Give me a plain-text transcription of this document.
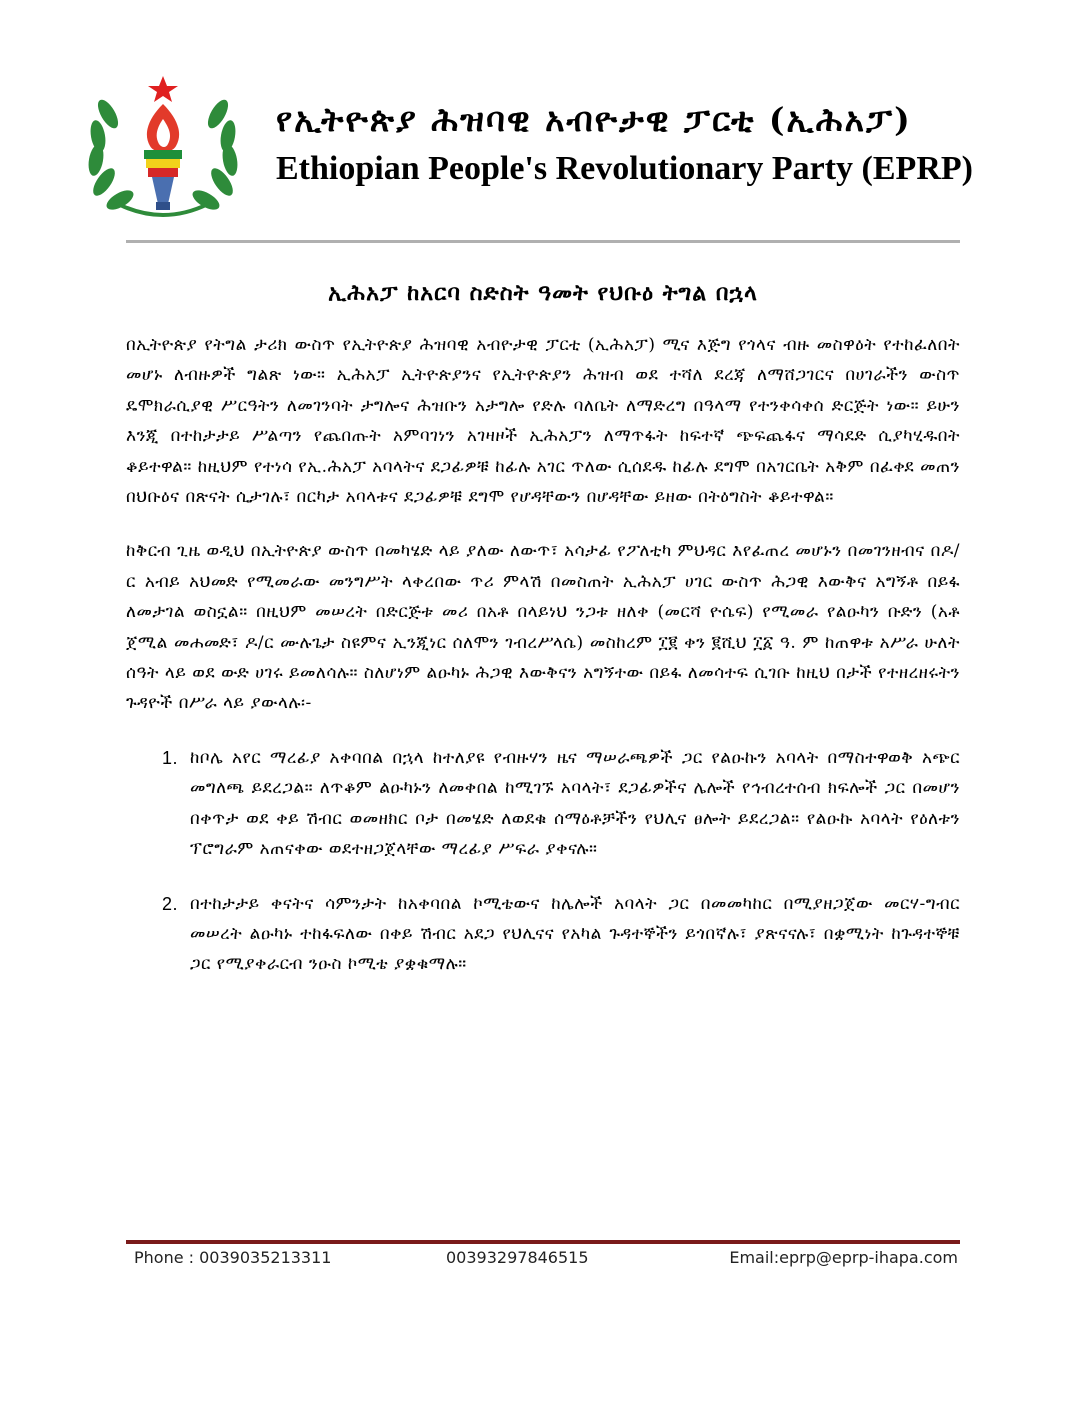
የኢትዮጵያ ሕዝባዊ አብዮታዊ ፓርቲ (ኢሕአፓ)
Ethiopian People's Revolutionary Party (EPRP)
ኢሕአፓ ከአርባ ስድስት ዓመት የህቡዕ ትግል በኋላ

በኢትዮጵያ የትግል ታሪክ ውስጥ የኢትዮጵያ ሕዝባዊ አብዮታዊ ፓርቲ (ኢሕአፓ) ሚና እጅግ የጎላና ብዙ መስዋዕት የተከፈለበት መሆኑ ለብዙዎች ግልጽ ነው። ኢሕአፓ ኢትዮጵያንና የኢትዮጵያን ሕዝብ ወደ ተሻለ ደረጃ ለማሸጋገርና በሀገራችን ውስጥ ዴሞክራሲያዊ ሥርዓትን ለመገንባት ታግሎና ሕዝቡን አታግሎ የድሉ ባለቤት ለማድረግ በዓላማ የተንቀሳቀሰ ድርጅት ነው። ይሁን እንጂ በተከታታይ ሥልጣን የጨበጡት አምባገነን አገዛዞች ኢሕአፓን ለማጥፋት ከፍተኛ ጭፍጨፋና ማሳደድ ሲያካሂዱበት ቆይተዋል። ከዚህም የተነሳ የኢ.ሕአፓ አባላትና ደጋፊዎቹ ከፊሉ አገር ጥለው ሲሰደዱ ከፊሉ ደግሞ በአገርቤት አቅም በፈቀደ መጠን በህቡዕና በጽናት ሲታገሉ፣ በርካታ አባላቱና ደጋፊዎቹ ደግሞ የሆዳቸውን በሆዳቸው ይዘው በትዕግስት ቆይተዋል።

ከቅርብ ጊዜ ወዲህ በኢትዮጵያ ውስጥ በመካሄድ ላይ ያለው ለውጥ፣ አሳታፊ የፖለቲካ ምህዳር እየፈጠረ መሆኑን በመገንዘብና በዶ/ር አብይ አህመድ የሚመራው መንግሥት ላቀረበው ጥሪ ምላሽ በመስጠት ኢሕአፓ ሀገር ውስጥ ሕጋዊ እውቅና አግኝቶ በይፋ ለመታገል ወስኗል። በዚህም መሠረት በድርጅቱ መሪ በአቶ በላይነህ ንጋቱ ዘለቀ (መርሻ ዮሴፍ) የሚመራ የልዑካን ቡድን (አቶ ጀሚል መሐመድ፣ ዶ/ር ሙሉጌታ ስዩምና ኢንጂነር ሰለሞን ገብረሥላሴ) መስከረም ፲፪ ቀን ፪ሺህ ፲፩ ዓ. ም ከጠዋቱ አሥራ ሁለት ሰዓት ላይ ወደ ውድ ሀገሩ ይመለሳሉ። ስለሆነም ልዑካኑ ሕጋዊ እውቅናን አግኝተው በይፋ ለመሳተፍ ሲገቡ ከዚህ በታች የተዘረዘሩትን ጉዳዮች በሥራ ላይ ያውላሉ፡-

1. ከቦሌ አየር ማረፊያ አቀባበል በኋላ ከተለያዩ የብዙሃን ዜና ማሠራጫዎች ጋር የልዑኩን አባላት በማስተዋወቅ አጭር መግለጫ ይደረጋል። ለጥቆም ልዑካኑን ለመቀበል ከሚገኙ አባላት፣ ደጋፊዎችና ሌሎች የኅብረተሰብ ክፍሎች ጋር በመሆን በቀጥታ ወደ ቀይ ሽብር ወመዘክር ቦታ በመሄድ ለወደቁ ሰማዕቶቻችን የህሊና ፀሎት ይደረጋል። የልዑኩ አባላት የዕለቱን ፕሮግራም አጠናቀው ወደተዘጋጀላቸው ማረፊያ ሥፍራ ያቀናሉ።
2. በተከታታይ ቀናትና ሳምንታት ከአቀባበል ኮሚቴውና ከሌሎች አባላት ጋር በመመካከር በሚያዘጋጀው መርሃ-ግብር መሠረት ልዑካኑ ተከፋፍለው በቀይ ሽብር አደጋ የህሊናና የአካል ጉዳተኞችን ይጎበኛሉ፣ ያጽናናሉ፣ በቋሚነት ከጉዳተኞቹ ጋር የሚያቀራርብ ንዑስ ኮሚቴ ያቋቁማሉ።
Phone : 0039035213311	00393297846515	Email:eprp@eprp-ihapa.com
